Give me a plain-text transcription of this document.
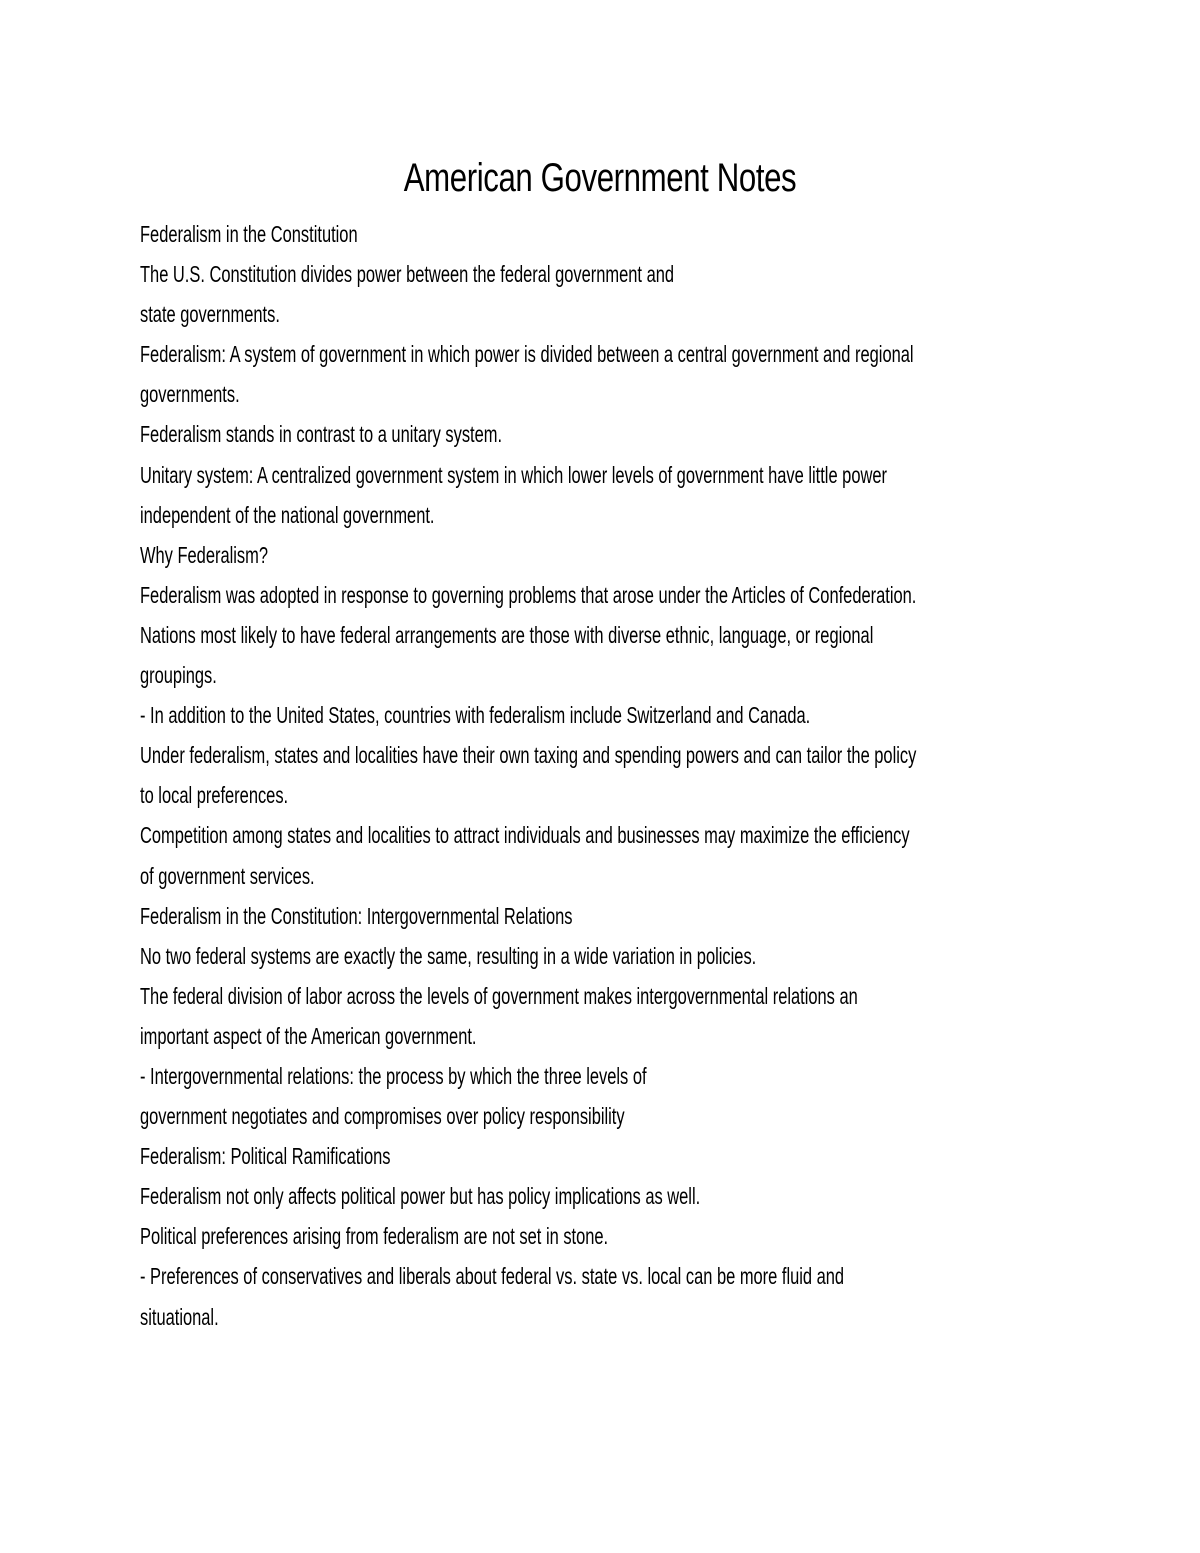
American Government Notes
Federalism in the Constitution
The U.S. Constitution divides power between the federal government and
state governments.
Federalism: A system of government in which power is divided between a central government and regional
governments.
Federalism stands in contrast to a unitary system.
Unitary system: A centralized government system in which lower levels of government have little power
independent of the national government.
Why Federalism?
Federalism was adopted in response to governing problems that arose under the Articles of Confederation.
Nations most likely to have federal arrangements are those with diverse ethnic, language, or regional
groupings.
- In addition to the United States, countries with federalism include Switzerland and Canada.
Under federalism, states and localities have their own taxing and spending powers and can tailor the policy
to local preferences.
Competition among states and localities to attract individuals and businesses may maximize the efficiency
of government services.
Federalism in the Constitution: Intergovernmental Relations
No two federal systems are exactly the same, resulting in a wide variation in policies.
The federal division of labor across the levels of government makes intergovernmental relations an
important aspect of the American government.
- Intergovernmental relations: the process by which the three levels of
government negotiates and compromises over policy responsibility
Federalism: Political Ramifications
Federalism not only affects political power but has policy implications as well.
Political preferences arising from federalism are not set in stone.
- Preferences of conservatives and liberals about federal vs. state vs. local can be more fluid and
situational.
